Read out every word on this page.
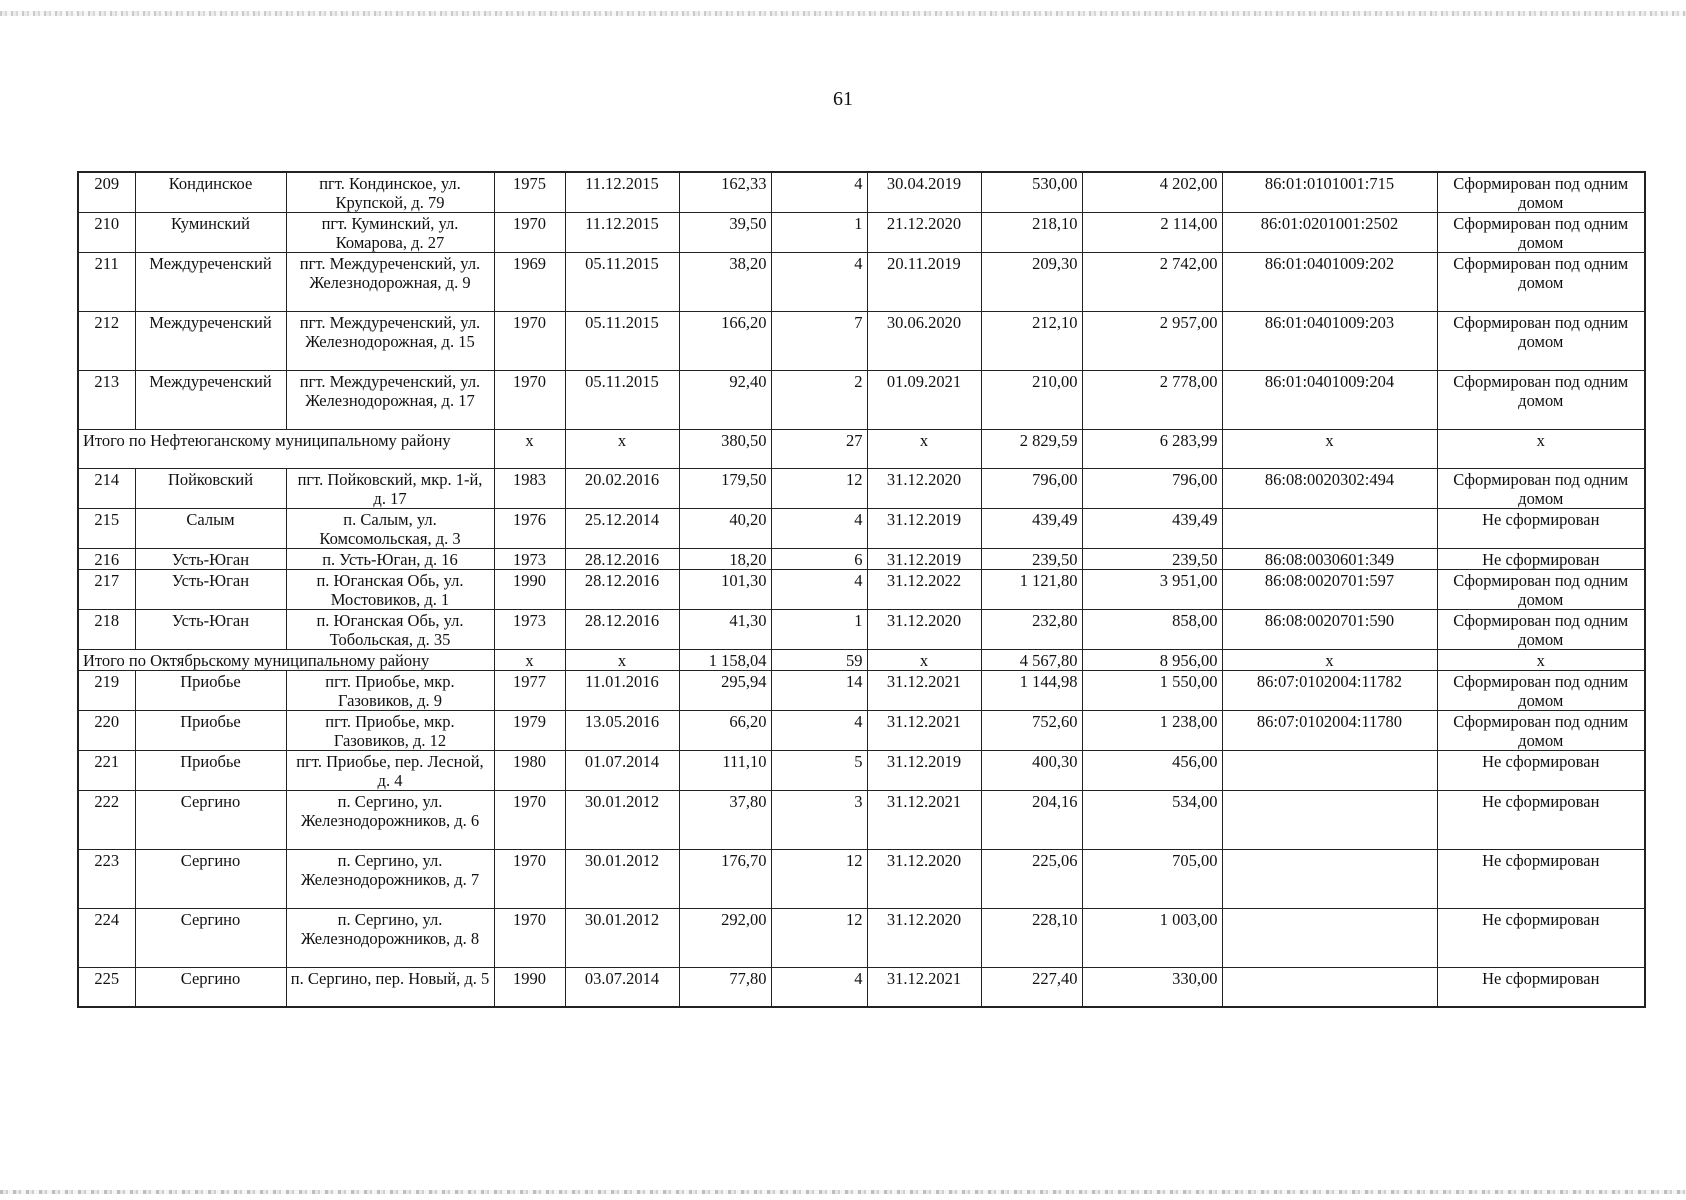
61
209	Кондинское	пгт. Кондинское, ул. Крупской, д. 79	1975	11.12.2015	162,33	4	30.04.2019	530,00	4 202,00	86:01:0101001:715	Сформирован под одним домом
210	Куминский	пгт. Куминский, ул. Комарова, д. 27	1970	11.12.2015	39,50	1	21.12.2020	218,10	2 114,00	86:01:0201001:2502	Сформирован под одним домом
211	Междуреченский	пгт. Междуреченский, ул. Железнодорожная, д. 9	1969	05.11.2015	38,20	4	20.11.2019	209,30	2 742,00	86:01:0401009:202	Сформирован под одним домом
212	Междуреченский	пгт. Междуреченский, ул. Железнодорожная, д. 15	1970	05.11.2015	166,20	7	30.06.2020	212,10	2 957,00	86:01:0401009:203	Сформирован под одним домом
213	Междуреченский	пгт. Междуреченский, ул. Железнодорожная, д. 17	1970	05.11.2015	92,40	2	01.09.2021	210,00	2 778,00	86:01:0401009:204	Сформирован под одним домом
Итого по Нефтеюганскому муниципальному району			x	x	380,50	27	x	2 829,59	6 283,99	x	x
214	Пойковский	пгт. Пойковский, мкр. 1-й, д. 17	1983	20.02.2016	179,50	12	31.12.2020	796,00	796,00	86:08:0020302:494	Сформирован под одним домом
215	Салым	п. Салым, ул. Комсомольская, д. 3	1976	25.12.2014	40,20	4	31.12.2019	439,49	439,49		Не сформирован
216	Усть-Юган	п. Усть-Юган, д. 16	1973	28.12.2016	18,20	6	31.12.2019	239,50	239,50	86:08:0030601:349	Не сформирован
217	Усть-Юган	п. Юганская Обь, ул. Мостовиков, д. 1	1990	28.12.2016	101,30	4	31.12.2022	1 121,80	3 951,00	86:08:0020701:597	Сформирован под одним домом
218	Усть-Юган	п. Юганская Обь, ул. Тобольская, д. 35	1973	28.12.2016	41,30	1	31.12.2020	232,80	858,00	86:08:0020701:590	Сформирован под одним домом
Итого по Октябрьскому муниципальному району			x	x	1 158,04	59	x	4 567,80	8 956,00	x	x
219	Приобье	пгт. Приобье, мкр. Газовиков, д. 9	1977	11.01.2016	295,94	14	31.12.2021	1 144,98	1 550,00	86:07:0102004:11782	Сформирован под одним домом
220	Приобье	пгт. Приобье, мкр. Газовиков, д. 12	1979	13.05.2016	66,20	4	31.12.2021	752,60	1 238,00	86:07:0102004:11780	Сформирован под одним домом
221	Приобье	пгт. Приобье, пер. Лесной, д. 4	1980	01.07.2014	111,10	5	31.12.2019	400,30	456,00		Не сформирован
222	Сергино	п. Сергино, ул. Железнодорожников, д. 6	1970	30.01.2012	37,80	3	31.12.2021	204,16	534,00		Не сформирован
223	Сергино	п. Сергино, ул. Железнодорожников, д. 7	1970	30.01.2012	176,70	12	31.12.2020	225,06	705,00		Не сформирован
224	Сергино	п. Сергино, ул. Железнодорожников, д. 8	1970	30.01.2012	292,00	12	31.12.2020	228,10	1 003,00		Не сформирован
225	Сергино	п. Сергино, пер. Новый, д. 5	1990	03.07.2014	77,80	4	31.12.2021	227,40	330,00		Не сформирован
